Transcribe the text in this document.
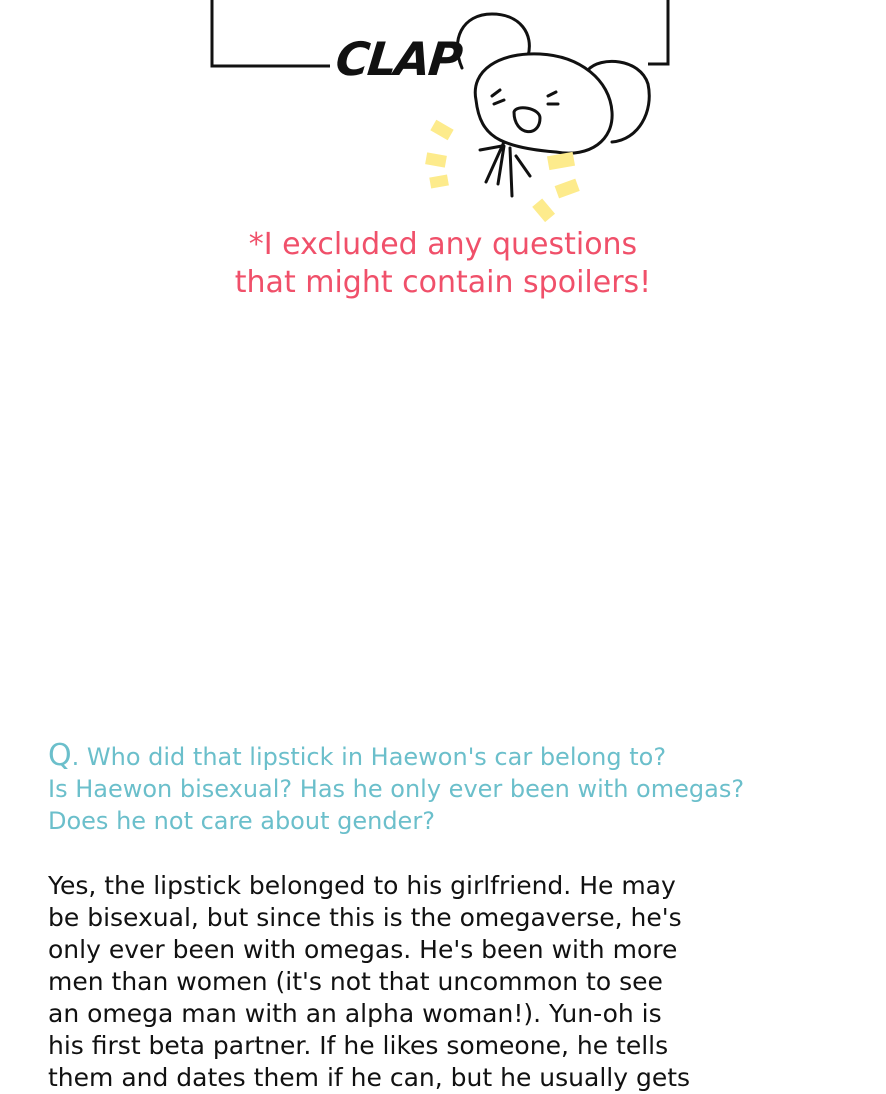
CLAP
*I excluded any questions
that might contain spoilers!
Q. Who did that lipstick in Haewon's car belong to?
Is Haewon bisexual? Has he only ever been with omegas?
Does he not care about gender?
Yes, the lipstick belonged to his girlfriend. He may
be bisexual, but since this is the omegaverse, he's
only ever been with omegas. He's been with more
men than women (it's not that uncommon to see
an omega man with an alpha woman!). Yun-oh is
his first beta partner. If he likes someone, he tells
them and dates them if he can, but he usually gets
